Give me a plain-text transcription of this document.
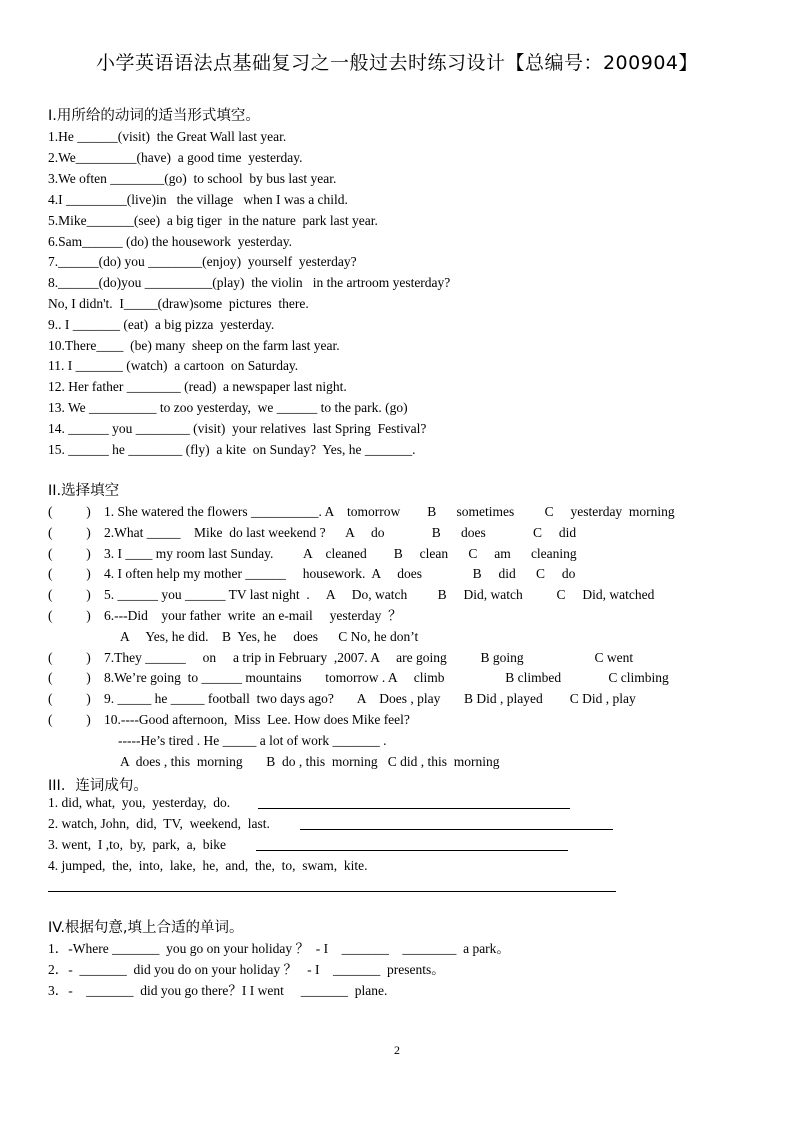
小学英语语法点基础复习之一般过去时练习设计【总编号：200904】
I.用所给的动词的适当形式填空。
1.He ______(visit)  the Great Wall last year.
2.We_________(have)  a good time  yesterday.
3.We often ________(go)  to school  by bus last year.
4.I _________(live)in   the village   when I was a child.
5.Mike_______(see)  a big tiger  in the nature  park last year.
6.Sam______ (do) the housework  yesterday.
7.______(do) you ________(enjoy)  yourself  yesterday?
8.______(do)you __________(play)  the violin   in the artroom yesterday?
No, I didn't.  I_____(draw)some  pictures  there.
9.. I _______ (eat)  a big pizza  yesterday.
10.There____  (be) many  sheep on the farm last year.
11. I _______ (watch)  a cartoon  on Saturday.
12. Her father ________ (read)  a newspaper last night.
13. We __________ to zoo yesterday,  we ______ to the park. (go)
14. ______ you ________ (visit)  your relatives  last Spring  Festival?
15. ______ he ________ (fly)  a kite  on Sunday?  Yes, he _______.
II.选择填空
(          ) 1. She watered the flowers __________. A    tomorrow        B      sometimes         C     yesterday  morning
(          ) 2.What _____    Mike  do last weekend ?      A     do              B      does              C     did
(          ) 3. I ____ my room last Sunday.         A    cleaned        B     clean      C     am      cleaning
(          ) 4. I often help my mother ______     housework.  A     does               B     did      C     do
(          ) 5. ______ you ______ TV last night  .     A     Do, watch         B     Did, watch          C     Did, watched
(          ) 6.---Did    your father  write  an e-mail     yesterday  ？
A     Yes, he did.    B  Yes, he     does      C No, he don’t
(          ) 7.They ______     on     a trip in February  ,2007. A     are going          B going                     C went
(          ) 8.We’re going  to ______ mountains       tomorrow . A     climb                  B climbed              C climbing
(          ) 9. _____ he _____ football  two days ago?       A    Does , play       B Did , played        C Did , play
(          ) 10.----Good afternoon,  Miss  Lee. How does Mike feel?
-----He’s tired . He _____ a lot of work _______ .
A  does , this  morning       B  do , this  morning   C did , this  morning
III．连词成句。
1. did, what,  you,  yesterday,  do.
2. watch, John,  did,  TV,  weekend,  last.
3. went,  I ,to,  by,  park,  a,  bike
4. jumped,  the,  into,  lake,  he,  and,  the,  to,  swam,  kite.
IV.根据句意,填上合适的单词。
1．-Where _______  you go on your holiday ？  - I    _______    ________  a park。
2．-  _______  did you do on your holiday ？   - I    _______  presents。
3．-    _______  did you go there？I I went     _______  plane.
2
